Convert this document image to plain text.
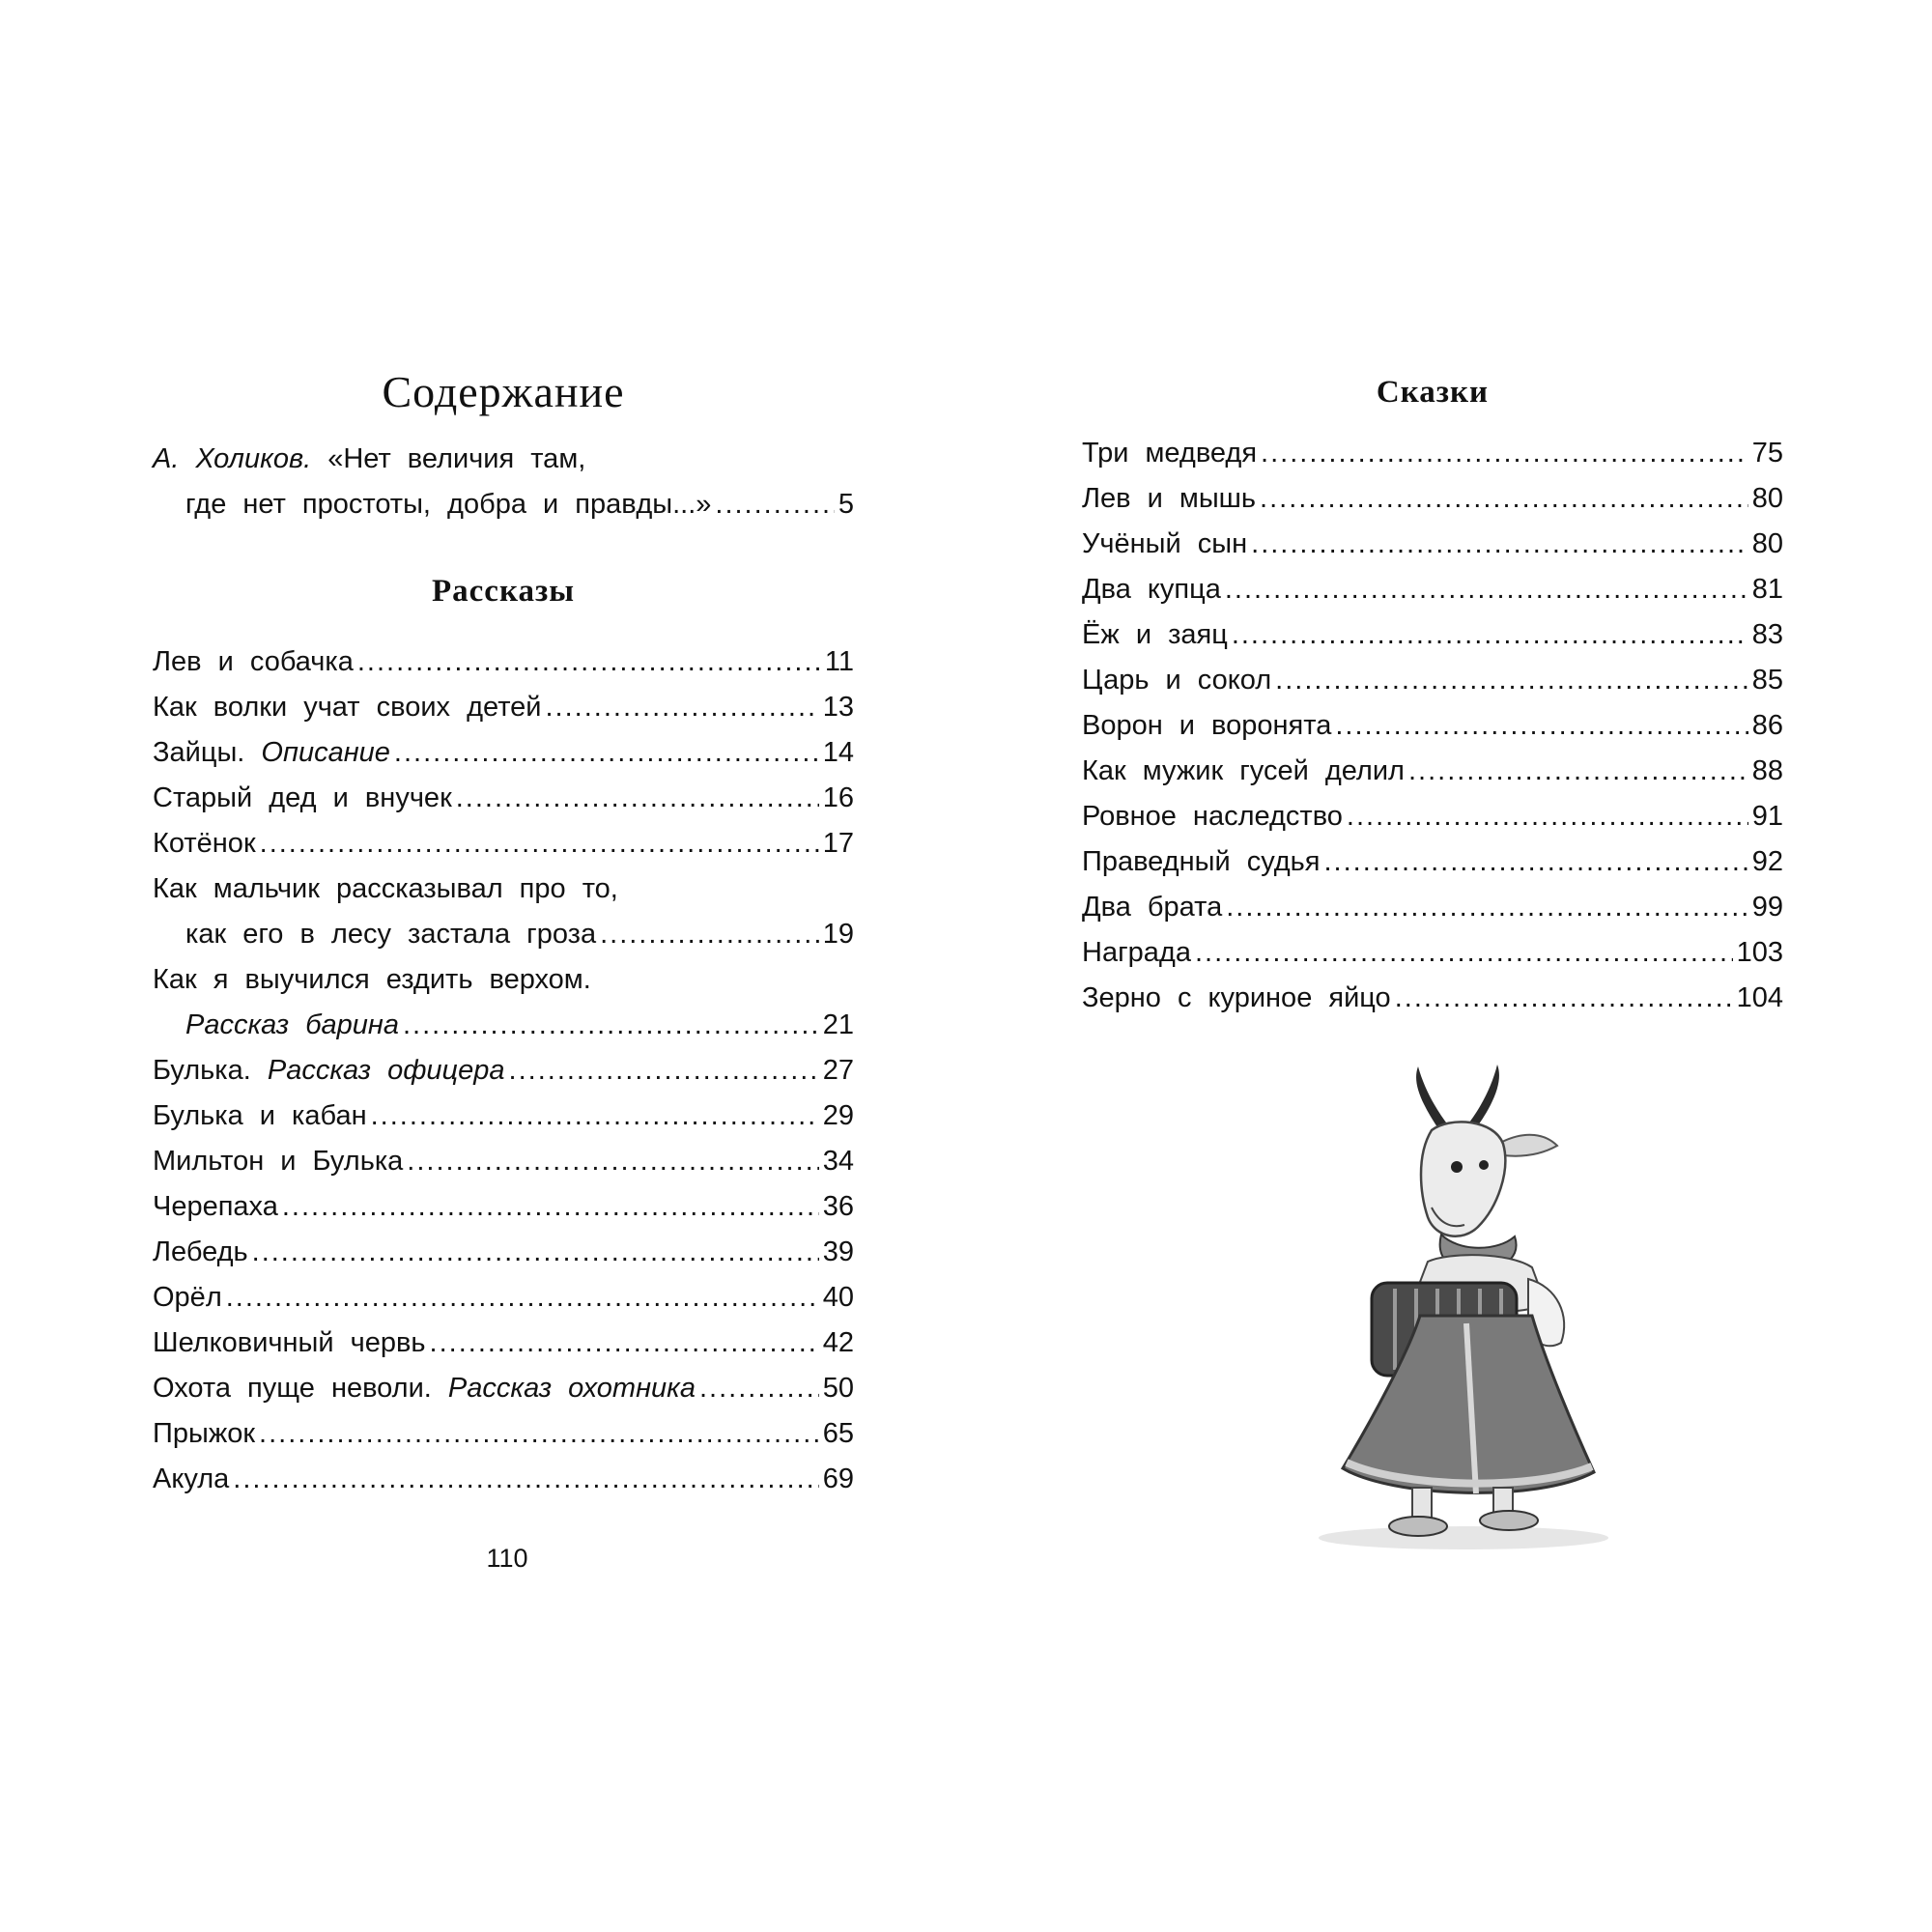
Содержание
А. Холиков. «Нет величия там,
где нет простоты, добра и правды...» .....	5
Рассказы
Лев и собачка .....	11
Как волки учат своих детей .....	13
Зайцы. Описание .....	14
Старый дед и внучек .....	16
Котёнок .....	17
Как мальчик рассказывал про то,
как его в лесу застала гроза .....	19
Как я выучился ездить верхом.
Рассказ барина .....	21
Булька. Рассказ офицера .....	27
Булька и кабан .....	29
Мильтон и Булька .....	34
Черепаха .....	36
Лебедь .....	39
Орёл .....	40
Шелковичный червь .....	42
Охота пуще неволи. Рассказ охотника .....	50
Прыжок .....	65
Акула .....	69
110
Сказки
Три медведя .....	75
Лев и мышь .....	80
Учёный сын .....	80
Два купца .....	81
Ёж и заяц .....	83
Царь и сокол .....	85
Ворон и воронята .....	86
Как мужик гусей делил .....	88
Ровное наследство .....	91
Праведный судья .....	92
Два брата .....	99
Награда .....	103
Зерно с куриное яйцо .....	104
